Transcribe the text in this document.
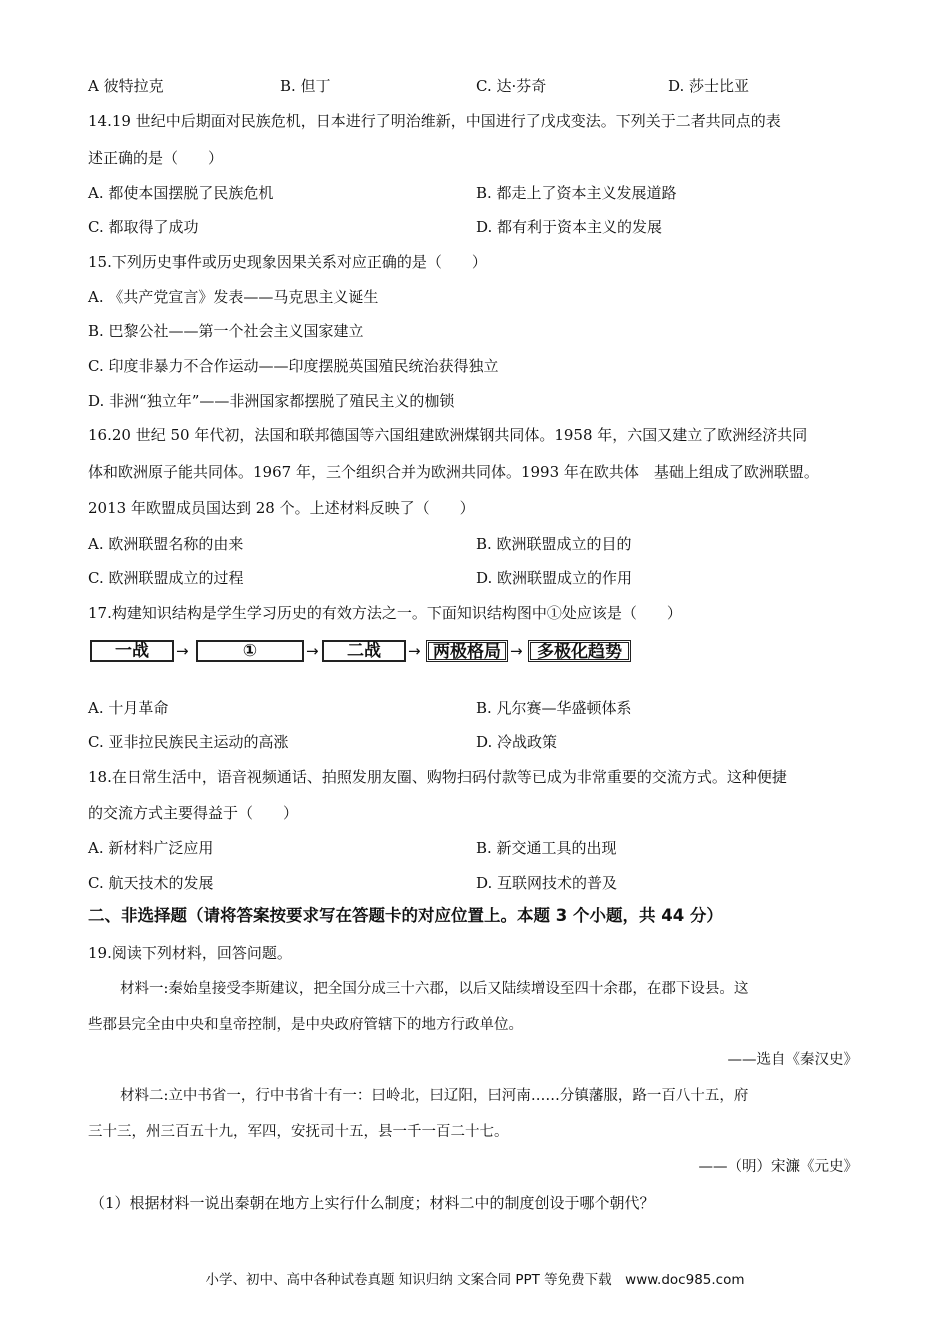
A 彼特拉克	B. 但丁	C. 达·芬奇	D. 莎士比亚
14.19 世纪中后期面对民族危机，日本进行了明治维新，中国进行了戊戌变法。下列关于二者共同点的表
述正确的是（　　）
A. 都使本国摆脱了民族危机	B. 都走上了资本主义发展道路
C. 都取得了成功	D. 都有利于资本主义的发展
15.下列历史事件或历史现象因果关系对应正确的是（　　）
A. 《共产党宣言》发表——马克思主义诞生
B. 巴黎公社——第一个社会主义国家建立
C. 印度非暴力不合作运动——印度摆脱英国殖民统治获得独立
D. 非洲“独立年”——非洲国家都摆脱了殖民主义的枷锁
16.20 世纪 50 年代初，法国和联邦德国等六国组建欧洲煤钢共同体。1958 年，六国又建立了欧洲经济共同
体和欧洲原子能共同体。1967 年，三个组织合并为欧洲共同体。1993 年在欧共体　基础上组成了欧洲联盟。
2013 年欧盟成员国达到 28 个。上述材料反映了（　　）
A. 欧洲联盟名称的由来	B. 欧洲联盟成立的目的
C. 欧洲联盟成立的过程	D. 欧洲联盟成立的作用
17.构建知识结构是学生学习历史的有效方法之一。下面知识结构图中①处应该是（　　）
一战	→	①	→	二战	→ 两极格局 → 多极化趋势
A. 十月革命	B. 凡尔赛—华盛顿体系
C. 亚非拉民族民主运动的高涨	D. 冷战政策
18.在日常生活中，语音视频通话、拍照发朋友圈、购物扫码付款等已成为非常重要的交流方式。这种便捷
的交流方式主要得益于（　　）
A. 新材料广泛应用	B. 新交通工具的出现
C. 航天技术的发展	D. 互联网技术的普及
二、非选择题（请将答案按要求写在答题卡的对应位置上。本题 3 个小题，共 44 分）
19.阅读下列材料，回答问题。
材料一:秦始皇接受李斯建议，把全国分成三十六郡，以后又陆续增设至四十余郡，在郡下设县。这
些郡县完全由中央和皇帝控制，是中央政府管辖下的地方行政单位。
——选自《秦汉史》
材料二:立中书省一，行中书省十有一：曰岭北，曰辽阳，曰河南……分镇藩服，路一百八十五，府
三十三，州三百五十九，军四，安抚司十五，县一千一百二十七。
——（明）宋濂《元史》
（1）根据材料一说出秦朝在地方上实行什么制度；材料二中的制度创设于哪个朝代？
小学、初中、高中各种试卷真题 知识归纳 文案合同 PPT 等免费下载　www.doc985.com
